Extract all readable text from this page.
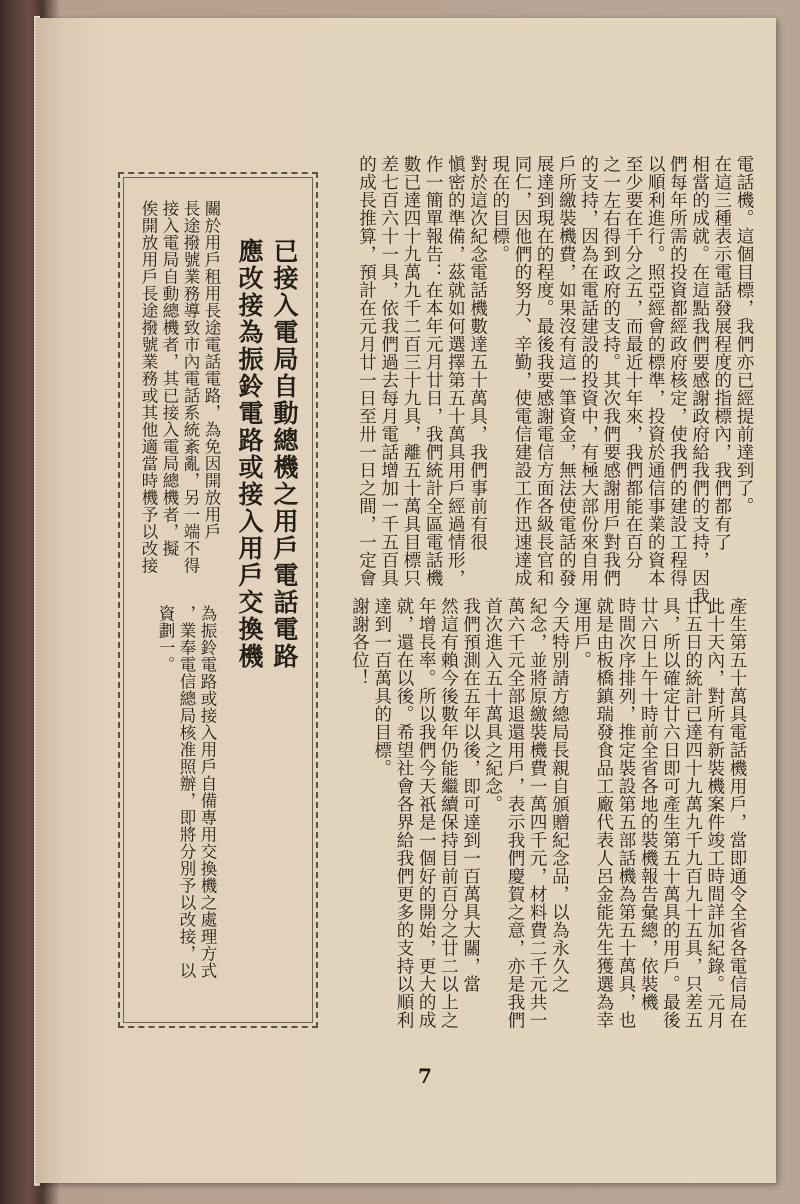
電話機。這個目標，我們亦已經提前達到了。
在這三種表示電話發展程度的指標內，我們都有了
相當的成就。在這點我們要感謝政府給我們的支持，因我
們每年所需的投資都經政府核定，使我們的建設工程得
以順利進行。照亞經會的標準，投資於通信事業的資本
至少要在千分之五，而最近十年來，我們都能在百分
之一左右得到政府的支持。其次我們要感謝用戶對我們
的支持，因為在電話建設的投資中，有極大部份來自用
戶所繳裝機費，如果沒有這一筆資金，無法使電話的發
展達到現在的程度。最後我要感謝電信方面各級長官和
同仁，因他們的努力、辛勤，使電信建設工作迅速達成
現在的目標。
對於這次紀念電話機數達五十萬具，我們事前有很
愼密的準備，茲就如何選擇第五十萬具用戶經過情形，
作一簡單報告：在本年元月廿日，我們統計全區電話機
數已達四十九萬九千二百三十九具，離五十萬具目標只
差七百六十一具，依我們過去每月電話增加一千五百具
的成長推算，預計在元月廿一日至卅一日之間，一定會
產生第五十萬具電話機用戶，當即通令全省各電信局在
此十天內，對所有新裝機案件竣工時間詳加紀錄。元月
廿五日的統計已達四十九萬九千九百九十五具，只差五
具，所以確定廿六日即可產生第五十萬具的用戶。最後
廿六日上午十時前全省各地的裝機報告彙總，依裝機
時間次序排列，推定裝設第五部話機為第五十萬具，也
就是由板橋鎮瑞發食品工廠代表人呂金能先生獲選為幸
運用戶。
今天特別請方總局長親自頒贈紀念品，以為永久之
紀念，並將原繳裝機費一萬四千元，材料費二千元共一
萬六千元全部退還用戶，表示我們慶賀之意，亦是我們
首次進入五十萬具之紀念。
我們預測在五年以後，即可達到一百萬具大關，當
然這有賴今後數年仍能繼續保持目前百分之廿二以上之
年增長率。所以我們今天祇是一個好的開始，更大的成
就，還在以後。希望社會各界給我們更多的支持以順利
達到一百萬具的目標。
謝謝各位！
已接入電局自動總機之用戶電話電路
應改接為振鈴電路或接入用戶交換機
關於用戶租用長途電話電路，為免因開放用戶
長途撥號業務導致市內電話系統紊亂，另一端不得
接入電局自動總機者，其已接入電局總機者，擬
俟開放用戶長途撥號業務或其他適當時機予以改接
為振鈴電路或接入用戶自備專用交換機之處理方式
，業奉電信總局核准照辦，即將分別予以改接，以
資劃一。
7
